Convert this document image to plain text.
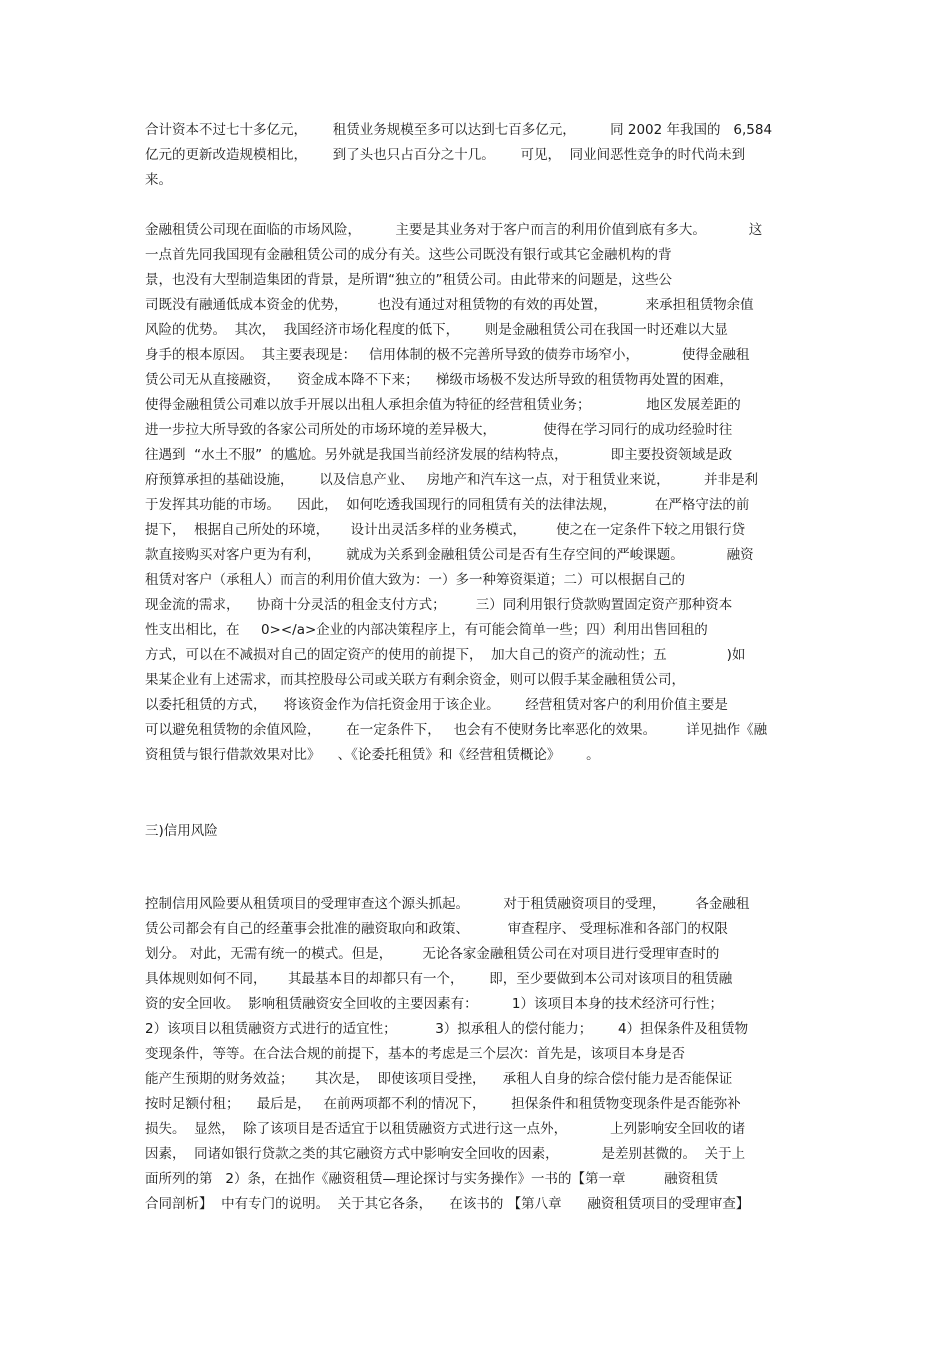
合计资本不过七十多亿元，      租赁业务规模至多可以达到七百多亿元，        同 2002 年我国的   6,584
亿元的更新改造规模相比，      到了头也只占百分之十几。      可见，  同业间恶性竞争的时代尚未到
来。
金融租赁公司现在面临的市场风险，        主要是其业务对于客户而言的利用价值到底有多大。          这
一点首先同我国现有金融租赁公司的成分有关。这些公司既没有银行或其它金融机构的背
景，也没有大型制造集团的背景，是所谓“独立的”租赁公司。由此带来的问题是，这些公
司既没有融通低成本资金的优势，       也没有通过对租赁物的有效的再处置，         来承担租赁物余值
风险的优势。  其次，  我国经济市场化程度的低下，      则是金融租赁公司在我国一时还难以大显
身手的根本原因。  其主要表现是：   信用体制的极不完善所导致的债券市场窄小，          使得金融租
赁公司无从直接融资，    资金成本降不下来；    梯级市场极不发达所导致的租赁物再处置的困难，
使得金融租赁公司难以放手开展以出租人承担余值为特征的经营租赁业务；             地区发展差距的
进一步拉大所导致的各家公司所处的市场环境的差异极大，           使得在学习同行的成功经验时往
往遇到  “水土不服”  的尴尬。另外就是我国当前经济发展的结构特点，          即主要投资领域是政
府预算承担的基础设施，      以及信息产业、   房地产和汽车这一点，对于租赁业来说，        并非是利
于发挥其功能的市场。    因此，  如何吃透我国现行的同租赁有关的法律法规，         在严格守法的前
提下，  根据自己所处的环境，     设计出灵活多样的业务模式，       使之在一定条件下较之用银行贷
款直接购买对客户更为有利，      就成为关系到金融租赁公司是否有生存空间的严峻课题。          融资
租赁对客户（承租人）而言的利用价值大致为：一）多一种筹资渠道；二）可以根据自己的
现金流的需求，    协商十分灵活的租金支付方式；       三）同利用银行贷款购置固定资产那种资本
性支出相比，在     0></a>企业的内部决策程序上，有可能会简单一些；四）利用出售回租的
方式，可以在不减损对自己的固定资产的使用的前提下，  加大自己的资产的流动性；五              )如
果某企业有上述需求，而其控股母公司或关联方有剩余资金，则可以假手某金融租赁公司，
以委托租赁的方式，    将该资金作为信托资金用于该企业。      经营租赁对客户的利用价值主要是
可以避免租赁物的余值风险，      在一定条件下，   也会有不使财务比率恶化的效果。       详见拙作《融
资租赁与银行借款效果对比》    、《论委托租赁》和《经营租赁概论》      。
三)信用风险
控制信用风险要从租赁项目的受理审查这个源头抓起。        对于租赁融资项目的受理，       各金融租
赁公司都会有自己的经董事会批准的融资取向和政策、         审查程序、 受理标准和各部门的权限
划分。 对此，无需有统一的模式。但是，       无论各家金融租赁公司在对项目进行受理审查时的
具体规则如何不同，     其最基本目的却都只有一个，      即，至少要做到本公司对该项目的租赁融
资的安全回收。  影响租赁融资安全回收的主要因素有：        1）该项目本身的技术经济可行性；
2）该项目以租赁融资方式进行的适宜性；         3）拟承租人的偿付能力；      4）担保条件及租赁物
变现条件，等等。在合法合规的前提下，基本的考虑是三个层次：首先是，该项目本身是否
能产生预期的财务效益；     其次是，  即使该项目受挫，    承租人自身的综合偿付能力是否能保证
按时足额付租；    最后是，   在前两项都不利的情况下，      担保条件和租赁物变现条件是否能弥补
损失。  显然，  除了该项目是否适宜于以租赁融资方式进行这一点外，          上列影响安全回收的诸
因素，  同诸如银行贷款之类的其它融资方式中影响安全回收的因素，          是差别甚微的。  关于上
面所列的第   2）条，在拙作《融资租赁—理论探讨与实务操作》一书的【第一章         融资租赁
合同剖析】  中有专门的说明。  关于其它各条，    在该书的 【第八章      融资租赁项目的受理审查】
